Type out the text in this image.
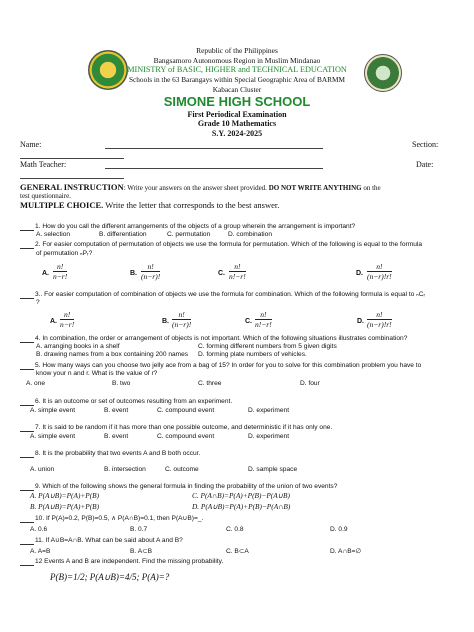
Republic of the Philippines
Bangsamoro Autonomous Region in Muslim Mindanao
MINISTRY of BASIC, HIGHER and TECHNICAL EDUCATION
Schools in the 63 Barangays within Special Geographic Area of BARMM
Kabacan Cluster
SIMONE HIGH SCHOOL
First Periodical Examination
Grade 10 Mathematics
S.Y. 2024-2025
Name:	Section:
Math Teacher:	Date:
GENERAL INSTRUCTION: Write your answers on the answer sheet provided. DO NOT WRITE ANYTHING on the
test questionnaire.
MULTIPLE CHOICE. Write the letter that corresponds to the best answer.
1. How do you call the different arrangements of the objects of a group wherein the arrangement is important?
A. selection	B. differentiation	C. permutation	D. combination
2. For easier computation of permutation of objects we use the formula for permutation. Which of the following is equal to the formula
of permutation ₙPᵣ?
A. $\frac{n!}{n-r!}$	B. $\frac{n!}{(n-r)!}$	C. $\frac{n!}{n!-r!}$	D. $\frac{n!}{(n-r)!r!}$
3.. For easier computation of combination of objects we use the formula for combination. Which of the following formula is equal to ₙCᵣ
?
A. $\frac{n!}{n-r!}$	B. $\frac{n!}{(n-r)!}$	C. $\frac{n!}{n!-r!}$	D. $\frac{n!}{(n-r)!r!}$
4. In combination, the order or arrangement of objects is not important. Which of the following situations illustrates combination?
A. arranging books in a shelf	C. forming different numbers from 5 given digits
B. drawing names from a box containing 200 names D. forming plate numbers of vehicles.
5. How many ways can you choose two jelly ace from a bag of 15? In order for you to solve for this combination problem you have to
know your n and r. What is the value of r?
A. one	B. two	C. three	D. four
6. It is an outcome or set of outcomes resulting from an experiment.
A. simple event	B. event	C. compound event	D. experiment
7. It is said to be random if it has more than one possible outcome, and deterministic if it has only one.
A. simple event	B. event	C. compound event	D. experiment
8. It is the probability that two events A and B both occur.
A. union	B. intersection	C. outcome	D. sample space
9. Which of the following shows the general formula in finding the probability of the union of two events?
A. P(A∪B)=P(A)+P(B)	C. P(A∩B)=P(A)+P(B)−P(A∪B)
B. P(A∪B)=P(A)+P(B)	D. P(A∪B)=P(A)+P(B)−P(A∩B)
10. If P(A)=0.2, P(B)=0.5, ∧ P(A∩B)=0.1, then P(A∪B)=_.
A. 0.6	B. 0.7	C. 0.8	D. 0.9
11. If A∪B=A∩B. What can be said about A and B?
A. A=B	B. A⊂B	C. B⊂A	D. A∩B=∅
12 Events A and B are independent. Find the missing probability.
P(B)=1/2; P(A∪B)=4/5; P(A)=?
